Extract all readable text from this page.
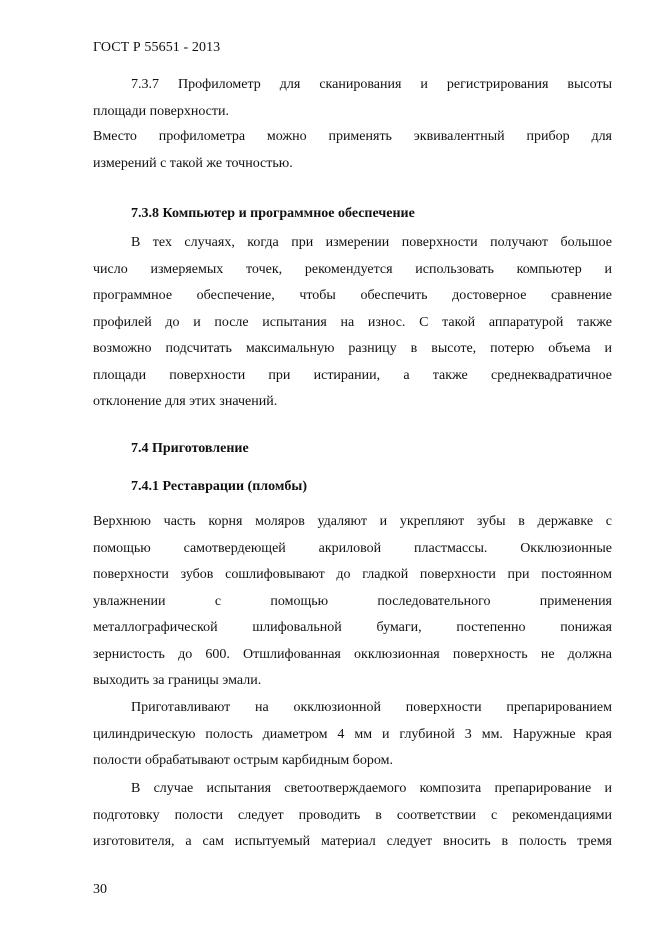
ГОСТ Р 55651 - 2013
7.3.7 Профилометр для сканирования и регистрирования высоты
площади поверхности.
Вместо профилометра можно применять эквивалентный прибор для
измерений с такой же точностью.
7.3.8 Компьютер и программное обеспечение
В тех случаях, когда при измерении поверхности получают большое
число измеряемых точек, рекомендуется использовать компьютер и
программное обеспечение, чтобы обеспечить достоверное сравнение
профилей до и после испытания на износ. С такой аппаратурой также
возможно подсчитать максимальную разницу в высоте, потерю объема и
площади поверхности при истирании, а также среднеквадратичное
отклонение для этих значений.
7.4 Приготовление
7.4.1 Реставрации (пломбы)
Верхнюю часть корня моляров удаляют и укрепляют зубы в державке с
помощью самотвердеющей акриловой пластмассы. Окклюзионные
поверхности зубов сошлифовывают до гладкой поверхности при постоянном
увлажнении с помощью последовательного применения
металлографической шлифовальной бумаги, постепенно понижая
зернистость до 600. Отшлифованная окклюзионная поверхность не должна
выходить за границы эмали.
Приготавливают на окклюзионной поверхности препарированием
цилиндрическую полость диаметром 4 мм и глубиной 3 мм. Наружные края
полости обрабатывают острым карбидным бором.
В случае испытания светоотверждаемого композита препарирование и
подготовку полости следует проводить в соответствии с рекомендациями
изготовителя, а сам испытуемый материал следует вносить в полость тремя
30
